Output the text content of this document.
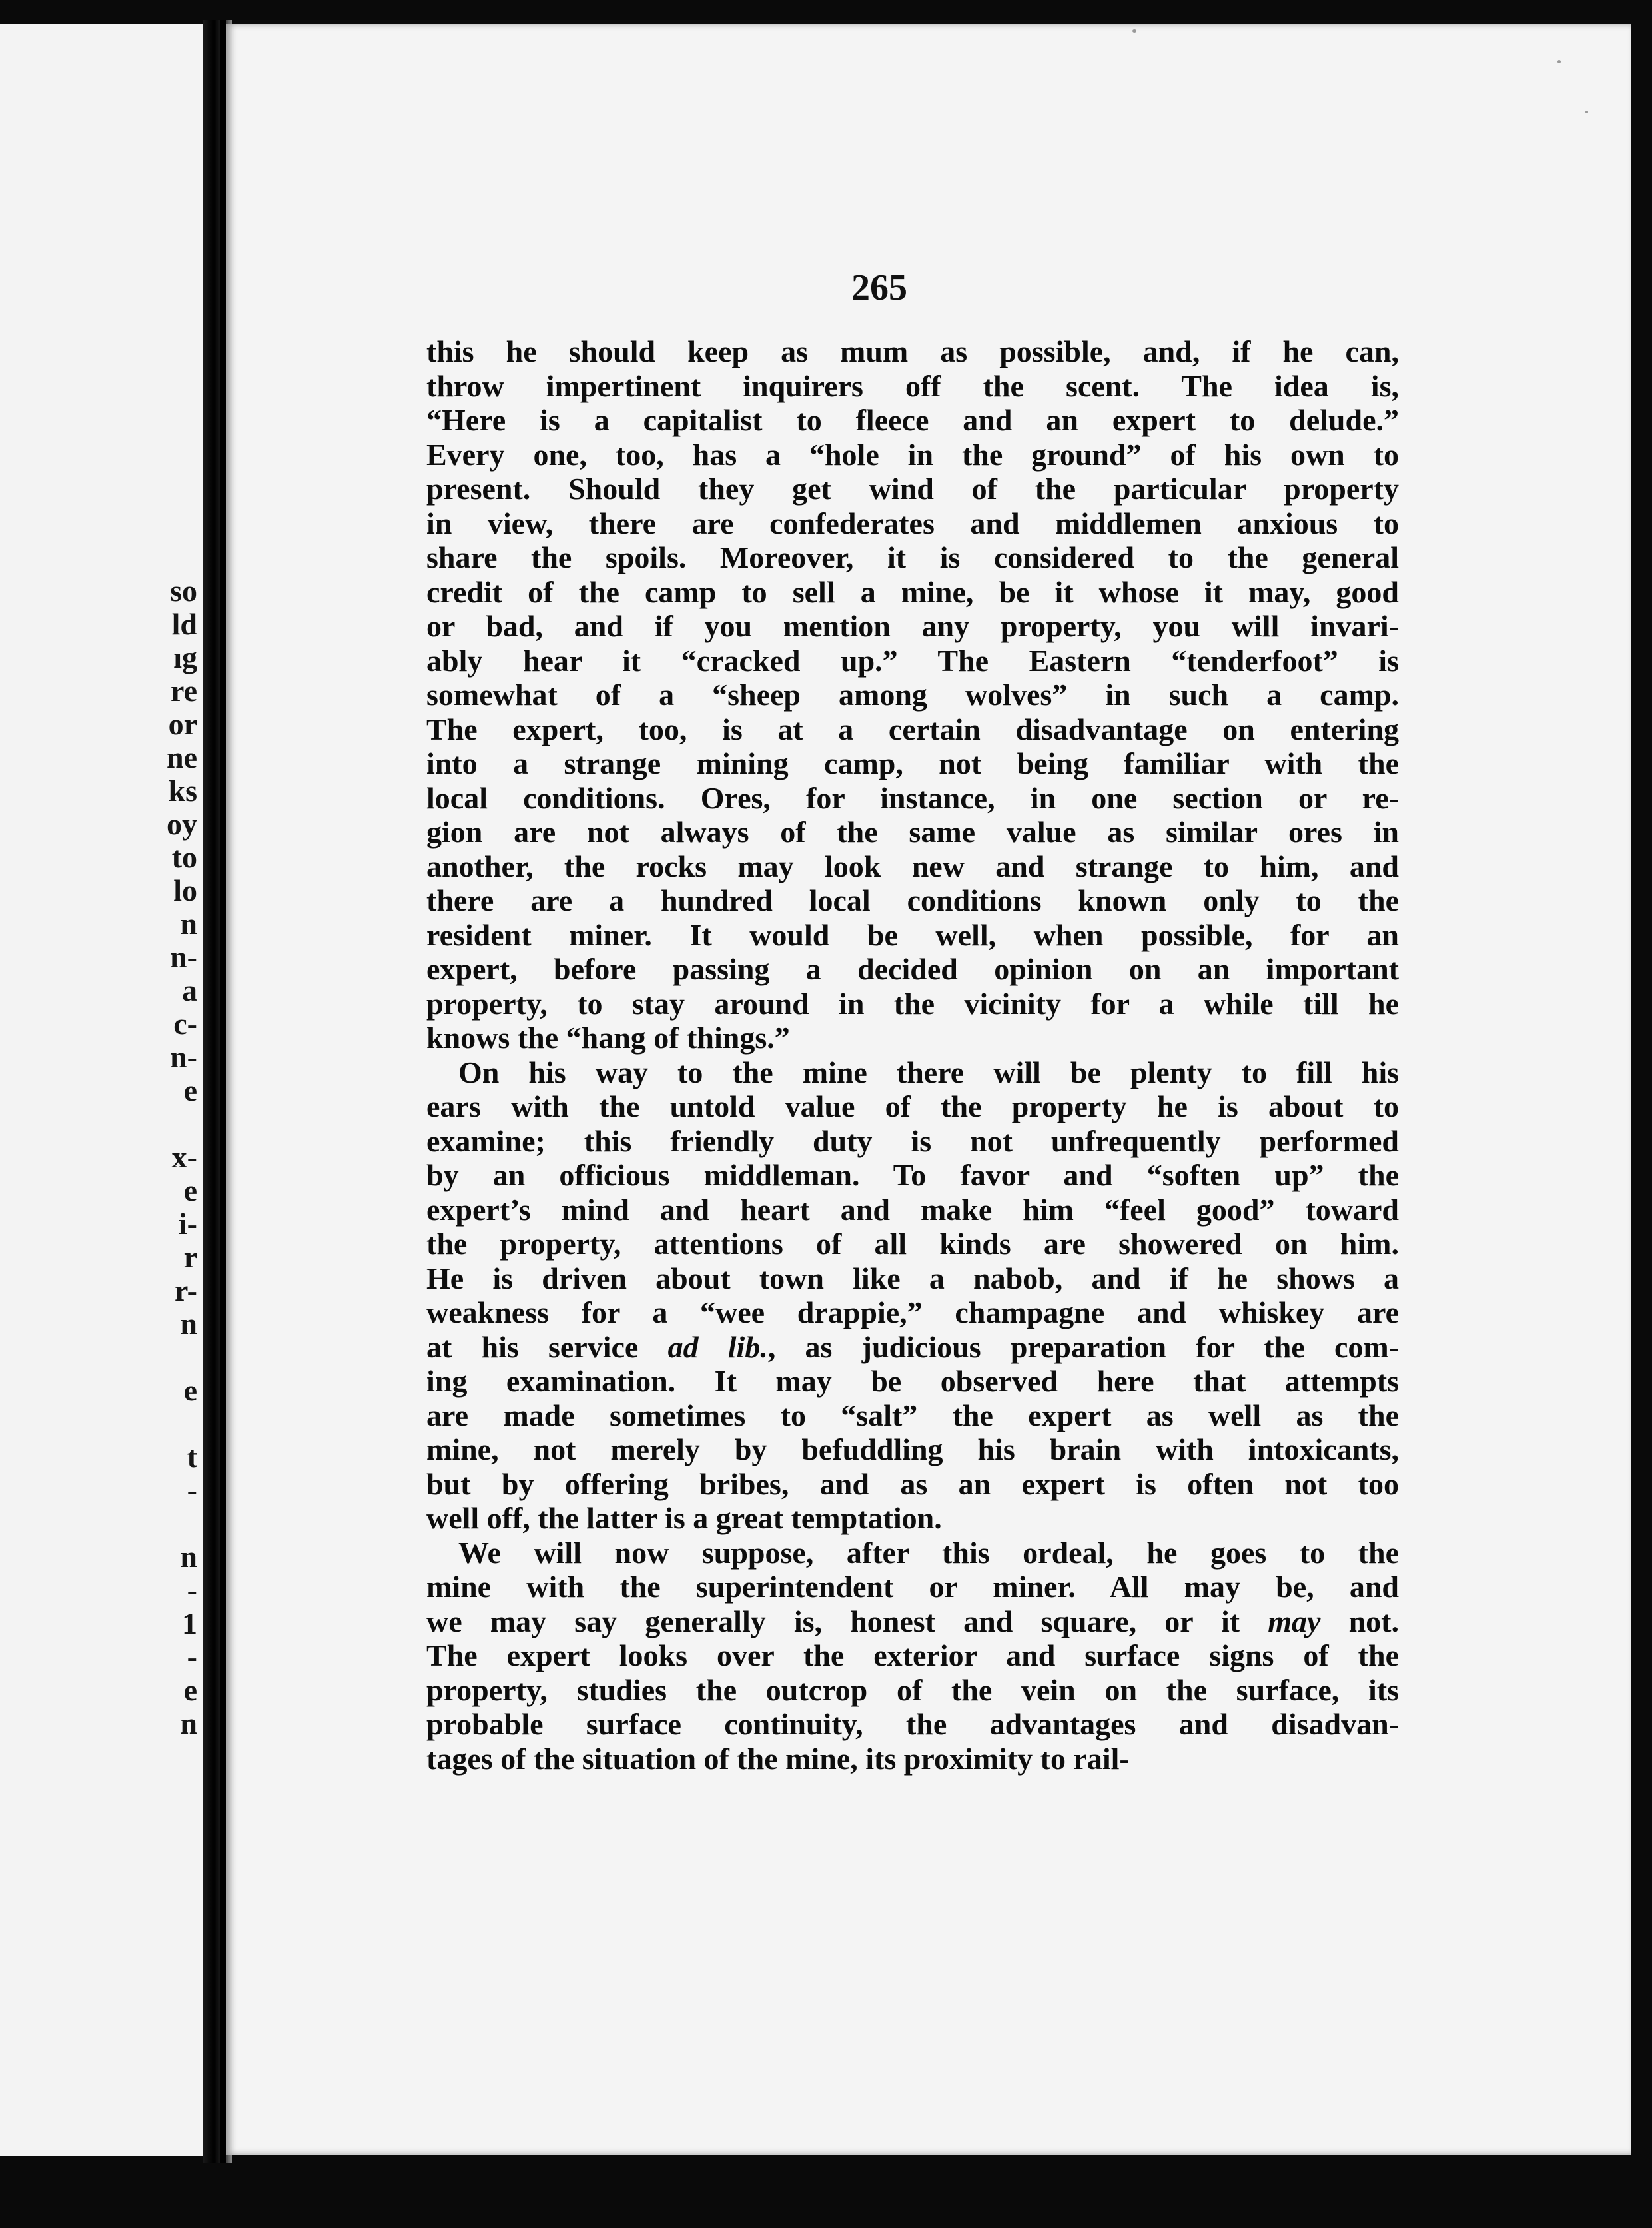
so
ld
ıg
re
or
ne
ks
oy
to
lo
n
n-
a
c-
n-
e
x-
e
i-
r
r-
n
e
t
-
n
-
1
-
e
n
265
this he should keep as mum as possible, and, if he can,
throw impertinent inquirers off the scent. The idea is,
“Here is a capitalist to fleece and an expert to delude.”
Every one, too, has a “hole in the ground” of his own to
present. Should they get wind of the particular property
in view, there are confederates and middlemen anxious to
share the spoils. Moreover, it is considered to the general
credit of the camp to sell a mine, be it whose it may, good
or bad, and if you mention any property, you will invari-
ably hear it “cracked up.” The Eastern “tenderfoot” is
somewhat of a “sheep among wolves” in such a camp.
The expert, too, is at a certain disadvantage on entering
into a strange mining camp, not being familiar with the
local conditions. Ores, for instance, in one section or re-
gion are not always of the same value as similar ores in
another, the rocks may look new and strange to him, and
there are a hundred local conditions known only to the
resident miner. It would be well, when possible, for an
expert, before passing a decided opinion on an important
property, to stay around in the vicinity for a while till he
knows the “hang of things.”
On his way to the mine there will be plenty to fill his
ears with the untold value of the property he is about to
examine; this friendly duty is not unfrequently performed
by an officious middleman. To favor and “soften up” the
expert’s mind and heart and make him “feel good” toward
the property, attentions of all kinds are showered on him.
He is driven about town like a nabob, and if he shows a
weakness for a “wee drappie,” champagne and whiskey are
at his service ad lib., as judicious preparation for the com-
ing examination. It may be observed here that attempts
are made sometimes to “salt” the expert as well as the
mine, not merely by befuddling his brain with intoxicants,
but by offering bribes, and as an expert is often not too
well off, the latter is a great temptation.
We will now suppose, after this ordeal, he goes to the
mine with the superintendent or miner. All may be, and
we may say generally is, honest and square, or it may not.
The expert looks over the exterior and surface signs of the
property, studies the outcrop of the vein on the surface, its
probable surface continuity, the advantages and disadvan-
tages of the situation of the mine, its proximity to rail-
